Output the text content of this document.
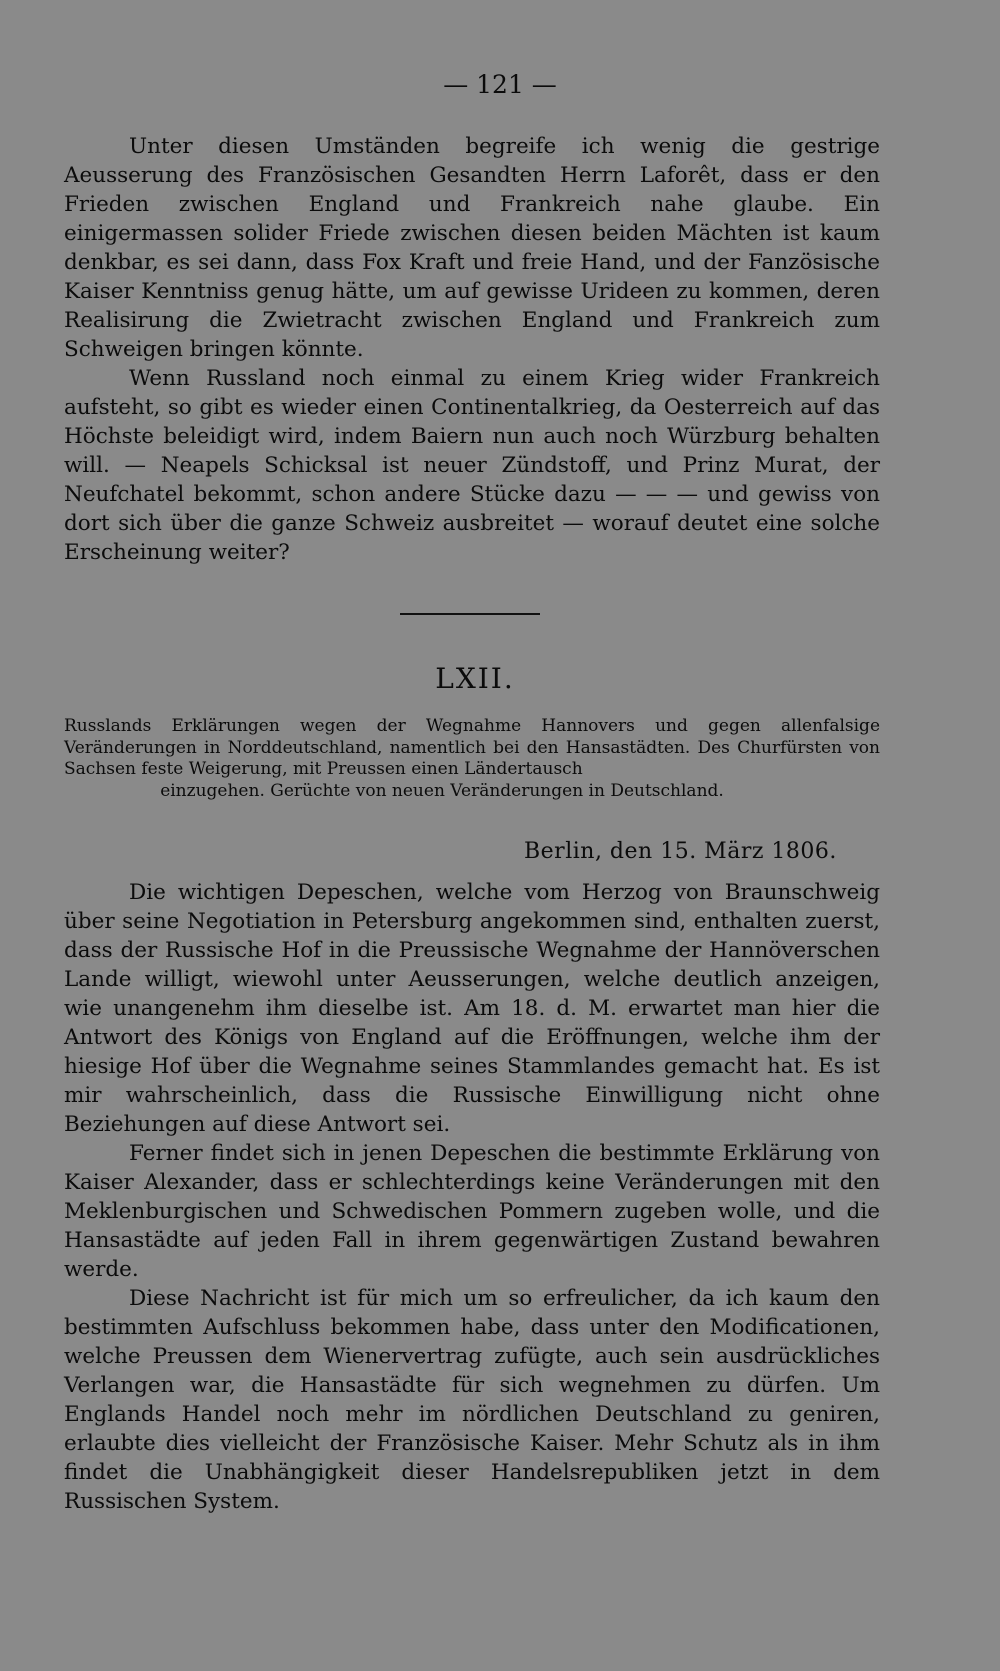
— 121 —

Unter diesen Umständen begreife ich wenig die gestrige Aeusserung des Französischen Gesandten Herrn Laforêt, dass er den Frieden zwischen England und Frankreich nahe glaube. Ein einigermassen solider Friede zwischen diesen beiden Mächten ist kaum denkbar, es sei dann, dass Fox Kraft und freie Hand, und der Fanzösische Kaiser Kenntniss genug hätte, um auf gewisse Urideen zu kommen, deren Realisirung die Zwietracht zwischen England und Frankreich zum Schweigen bringen könnte.

Wenn Russland noch einmal zu einem Krieg wider Frankreich aufsteht, so gibt es wieder einen Continentalkrieg, da Oesterreich auf das Höchste beleidigt wird, indem Baiern nun auch noch Würzburg behalten will. — Neapels Schicksal ist neuer Zündstoff, und Prinz Murat, der Neufchatel bekommt, schon andere Stücke dazu — — — und gewiss von dort sich über die ganze Schweiz ausbreitet — worauf deutet eine solche Erscheinung weiter?

LXII.

Russlands Erklärungen wegen der Wegnahme Hannovers und gegen allenfalsige Veränderungen in Norddeutschland, namentlich bei den Hansastädten. Des Churfürsten von Sachsen feste Weigerung, mit Preussen einen Ländertausch
einzugehen. Gerüchte von neuen Veränderungen in Deutschland.

Berlin, den 15. März 1806.

Die wichtigen Depeschen, welche vom Herzog von Braunschweig über seine Negotiation in Petersburg angekommen sind, enthalten zuerst, dass der Russische Hof in die Preussische Wegnahme der Hannöverschen Lande willigt, wiewohl unter Aeusserungen, welche deutlich anzeigen, wie unangenehm ihm dieselbe ist. Am 18. d. M. erwartet man hier die Antwort des Königs von England auf die Eröffnungen, welche ihm der hiesige Hof über die Wegnahme seines Stammlandes gemacht hat. Es ist mir wahrscheinlich, dass die Russische Einwilligung nicht ohne Beziehungen auf diese Antwort sei.

Ferner findet sich in jenen Depeschen die bestimmte Erklärung von Kaiser Alexander, dass er schlechterdings keine Veränderungen mit den Meklenburgischen und Schwedischen Pommern zugeben wolle, und die Hansastädte auf jeden Fall in ihrem gegenwärtigen Zustand bewahren werde.

Diese Nachricht ist für mich um so erfreulicher, da ich kaum den bestimmten Aufschluss bekommen habe, dass unter den Modificationen, welche Preussen dem Wienervertrag zufügte, auch sein ausdrückliches Verlangen war, die Hansastädte für sich wegnehmen zu dürfen. Um Englands Handel noch mehr im nördlichen Deutschland zu geniren, erlaubte dies vielleicht der Französische Kaiser. Mehr Schutz als in ihm findet die Unabhängigkeit dieser Handelsrepubliken jetzt in dem Russischen System.
